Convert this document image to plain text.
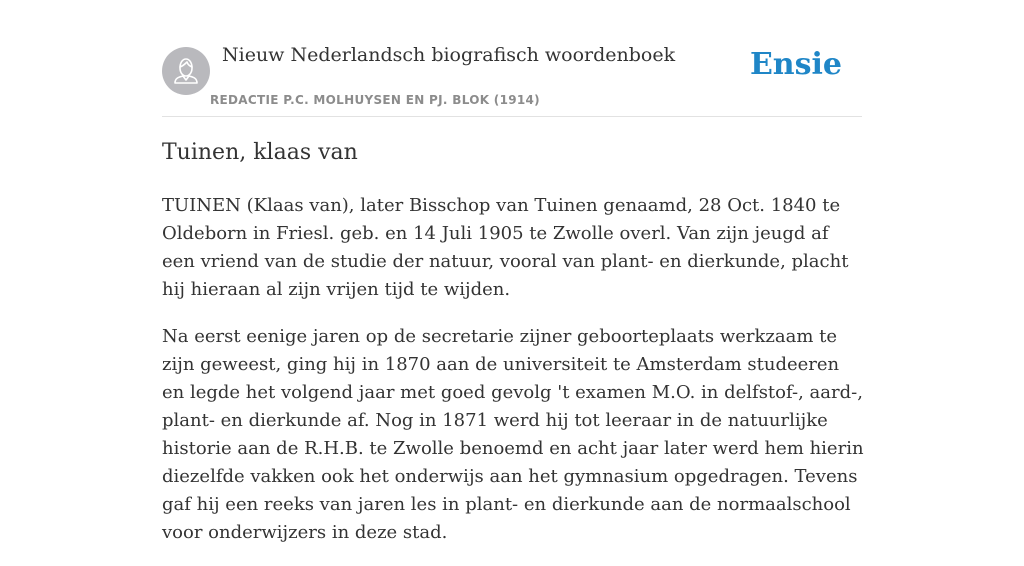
Nieuw Nederlandsch biografisch woordenboek
REDACTIE P.C. MOLHUYSEN EN PJ. BLOK (1914)
Ensie
Tuinen, klaas van

TUINEN (Klaas van), later Bisschop van Tuinen genaamd, 28 Oct. 1840 te Oldeborn in Friesl. geb. en 14 Juli 1905 te Zwolle overl. Van zijn jeugd af een vriend van de studie der natuur, vooral van plant- en dierkunde, placht hij hieraan al zijn vrijen tijd te wijden.

Na eerst eenige jaren op de secretarie zijner geboorteplaats werkzaam te zijn geweest, ging hij in 1870 aan de universiteit te Amsterdam studeeren en legde het volgend jaar met goed gevolg 't examen M.O. in delfstof-, aard-, plant- en dierkunde af. Nog in 1871 werd hij tot leeraar in de natuurlijke historie aan de R.H.B. te Zwolle benoemd en acht jaar later werd hem hierin diezelfde vakken ook het onderwijs aan het gymnasium opgedragen. Tevens gaf hij een reeks van jaren les in plant- en dierkunde aan de normaalschool voor onderwijzers in deze stad.
